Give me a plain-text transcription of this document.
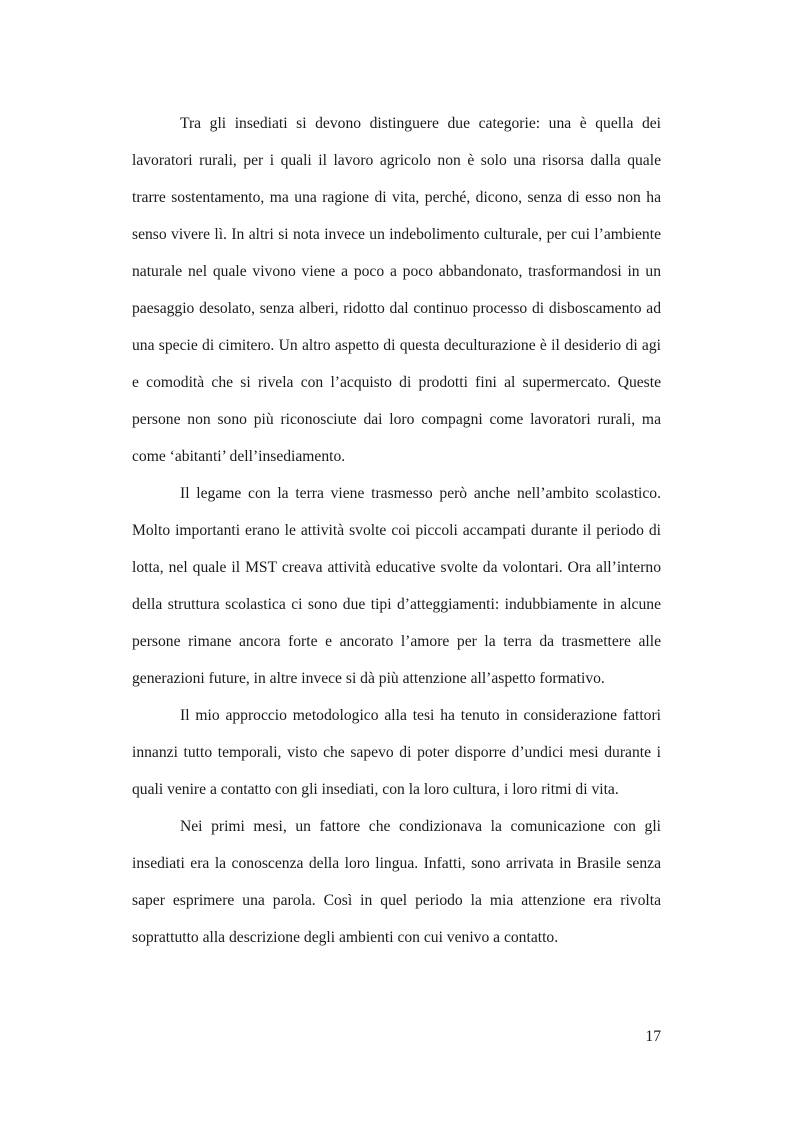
Tra gli insediati si devono distinguere due categorie: una è quella dei lavoratori rurali, per i quali il lavoro agricolo non è solo una risorsa dalla quale trarre sostentamento, ma una ragione di vita, perché, dicono, senza di esso non ha senso vivere lì. In altri si nota invece un indebolimento culturale, per cui l’ambiente naturale nel quale vivono viene a poco a poco abbandonato, trasformandosi in un paesaggio desolato, senza alberi, ridotto dal continuo processo di disboscamento ad una specie di cimitero. Un altro aspetto di questa deculturazione è il desiderio di agi e comodità che si rivela con l’acquisto di prodotti fini al supermercato. Queste persone non sono più riconosciute dai loro compagni come lavoratori rurali, ma come ‘abitanti’ dell’insediamento.

Il legame con la terra viene trasmesso però anche nell’ambito scolastico. Molto importanti erano le attività svolte coi piccoli accampati durante il periodo di lotta, nel quale il MST creava attività educative svolte da volontari. Ora all’interno della struttura scolastica ci sono due tipi d’atteggiamenti: indubbiamente in alcune persone rimane ancora forte e ancorato l’amore per la terra da trasmettere alle generazioni future, in altre invece si dà più attenzione all’aspetto formativo.

Il mio approccio metodologico alla tesi ha tenuto in considerazione fattori innanzi tutto temporali, visto che sapevo di poter disporre d’undici mesi durante i quali venire a contatto con gli insediati, con la loro cultura, i loro ritmi di vita.

Nei primi mesi, un fattore che condizionava la comunicazione con gli insediati era la conoscenza della loro lingua. Infatti, sono arrivata in Brasile senza saper esprimere una parola. Così in quel periodo la mia attenzione era rivolta soprattutto alla descrizione degli ambienti con cui venivo a contatto.

17
